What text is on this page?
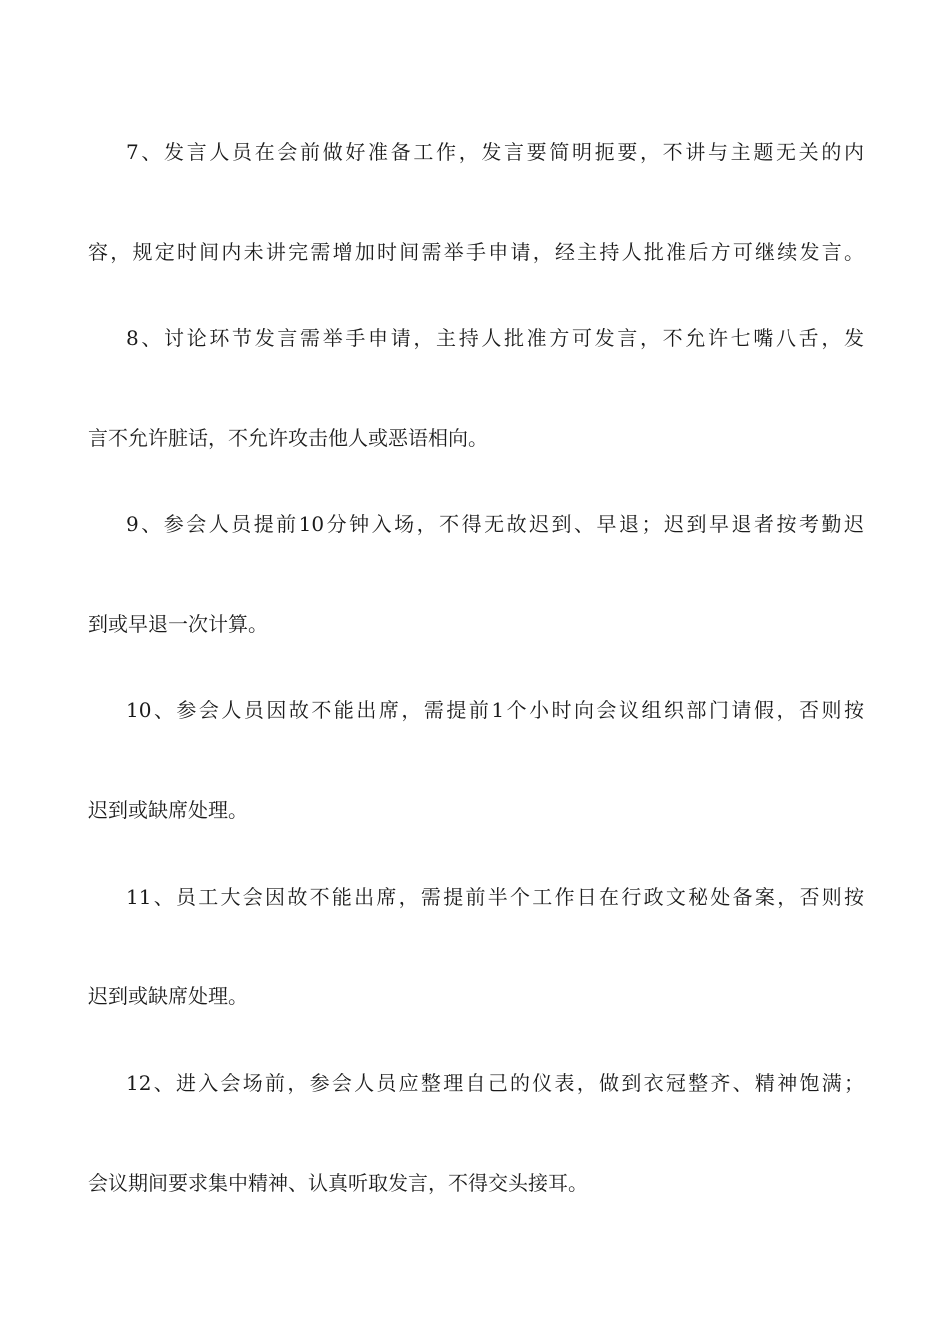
7、发言人员在会前做好准备工作，发言要简明扼要，不讲与主题无关的内
容，规定时间内未讲完需增加时间需举手申请，经主持人批准后方可继续发言。
8、讨论环节发言需举手申请，主持人批准方可发言，不允许七嘴八舌，发
言不允许脏话，不允许攻击他人或恶语相向。
9、参会人员提前10分钟入场，不得无故迟到、早退；迟到早退者按考勤迟
到或早退一次计算。
10、参会人员因故不能出席，需提前1个小时向会议组织部门请假，否则按
迟到或缺席处理。
11、员工大会因故不能出席，需提前半个工作日在行政文秘处备案，否则按
迟到或缺席处理。
12、进入会场前，参会人员应整理自己的仪表，做到衣冠整齐、精神饱满；
会议期间要求集中精神、认真听取发言，不得交头接耳。
